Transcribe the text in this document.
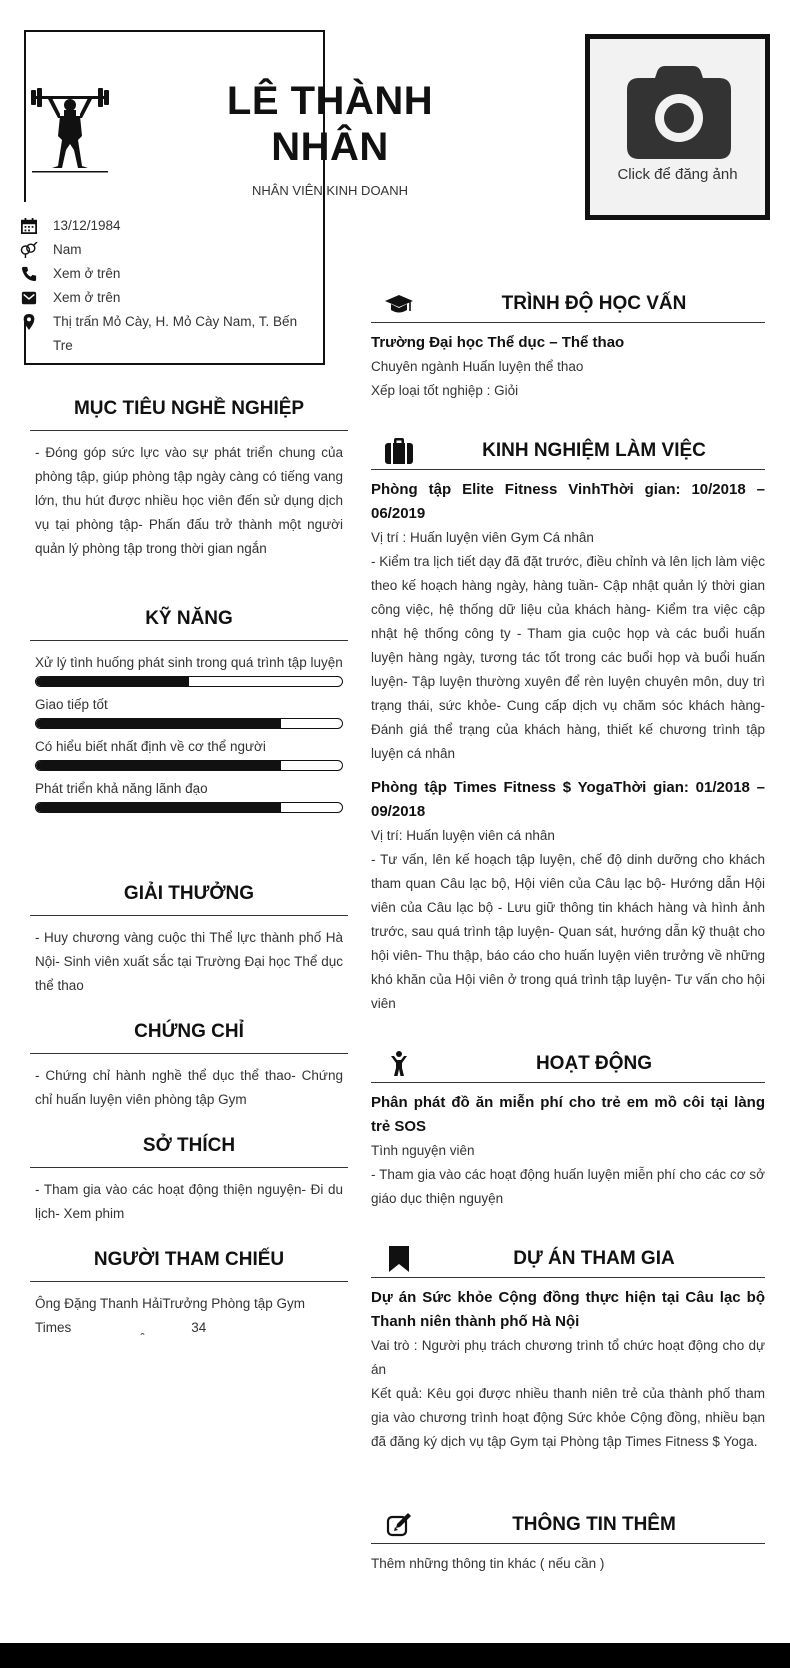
LÊ THÀNH
NHÂN
NHÂN VIÊN KINH DOANH
Click để đăng ảnh
13/12/1984
Nam
Xem ở trên
Xem ở trên
Thị trấn Mỏ Cày, H. Mỏ Cày Nam, T. Bến Tre
MỤC TIÊU NGHỀ NGHIỆP
- Đóng góp sức lực vào sự phát triển chung của phòng tập, giúp phòng tập ngày càng có tiếng vang lớn, thu hút được nhiều học viên đến sử dụng dịch vụ tại phòng tập- Phấn đấu trở thành một người quản lý phòng tập trong thời gian ngắn
KỸ NĂNG
Xử lý tình huống phát sinh trong quá trình tập luyện
Giao tiếp tốt
Có hiểu biết nhất định về cơ thể người
Phát triển khả năng lãnh đạo
GIẢI THƯỞNG
- Huy chương vàng cuộc thi Thể lực thành phố Hà Nội- Sinh viên xuất sắc tại Trường Đại học Thể dục thể thao
CHỨNG CHỈ
- Chứng chỉ hành nghề thể dục thể thao- Chứng chỉ huấn luyện viên phòng tập Gym
SỞ THÍCH
- Tham gia vào các hoạt động thiện nguyện- Đi du lịch- Xem phim
NGƯỜI THAM CHIẾU
Ông Đặng Thanh HảiTrưởng Phòng tập Gym
Times                   ̯             34
TRÌNH ĐỘ HỌC VẤN
Trường Đại học Thể dục – Thể thao
Chuyên ngành Huấn luyện thể thao
Xếp loại tốt nghiệp : Giỏi
KINH NGHIỆM LÀM VIỆC
Phòng tập Elite Fitness VinhThời gian: 10/2018 – 06/2019
Vị trí : Huấn luyện viên Gym Cá nhân
- Kiểm tra lịch tiết dạy đã đặt trước, điều chỉnh và lên lịch làm việc theo kế hoạch hàng ngày, hàng tuần- Cập nhật quản lý thời gian công việc, hệ thống dữ liệu của khách hàng- Kiểm tra việc cập nhật hệ thống công ty - Tham gia cuộc họp và các buổi huấn luyện hàng ngày, tương tác tốt trong các buổi họp và buổi huấn luyện- Tập luyện thường xuyên để rèn luyện chuyên môn, duy trì trạng thái, sức khỏe- Cung cấp dịch vụ chăm sóc khách hàng- Đánh giá thể trạng của khách hàng, thiết kế chương trình tập luyện cá nhân
Phòng tập Times Fitness $ YogaThời gian: 01/2018 – 09/2018
Vị trí: Huấn luyện viên cá nhân
- Tư vấn, lên kế hoạch tập luyện, chế độ dinh dưỡng cho khách tham quan Câu lạc bộ, Hội viên của Câu lạc bộ- Hướng dẫn Hội viên của Câu lạc bộ - Lưu giữ thông tin khách hàng và hình ảnh trước, sau quá trình tập luyện- Quan sát, hướng dẫn kỹ thuật cho hội viên- Thu thập, báo cáo cho huấn luyện viên trưởng về những khó khăn của Hội viên ở trong quá trình tập luyện- Tư vấn cho hội viên
HOẠT ĐỘNG
Phân phát đồ ăn miễn phí cho trẻ em mồ côi tại làng trẻ SOS
Tình nguyện viên
- Tham gia vào các hoạt động huấn luyện miễn phí cho các cơ sở giáo dục thiện nguyện
DỰ ÁN THAM GIA
Dự án Sức khỏe Cộng đồng thực hiện tại Câu lạc bộ Thanh niên thành phố Hà Nội
Vai trò : Người phụ trách chương trình tổ chức hoạt động cho dự án
Kết quả: Kêu gọi được nhiều thanh niên trẻ của thành phố tham gia vào chương trình hoạt động Sức khỏe Cộng đồng, nhiều bạn đã đăng ký dịch vụ tập Gym tại Phòng tập Times Fitness $ Yoga.
THÔNG TIN THÊM
Thêm những thông tin khác ( nếu cần )
